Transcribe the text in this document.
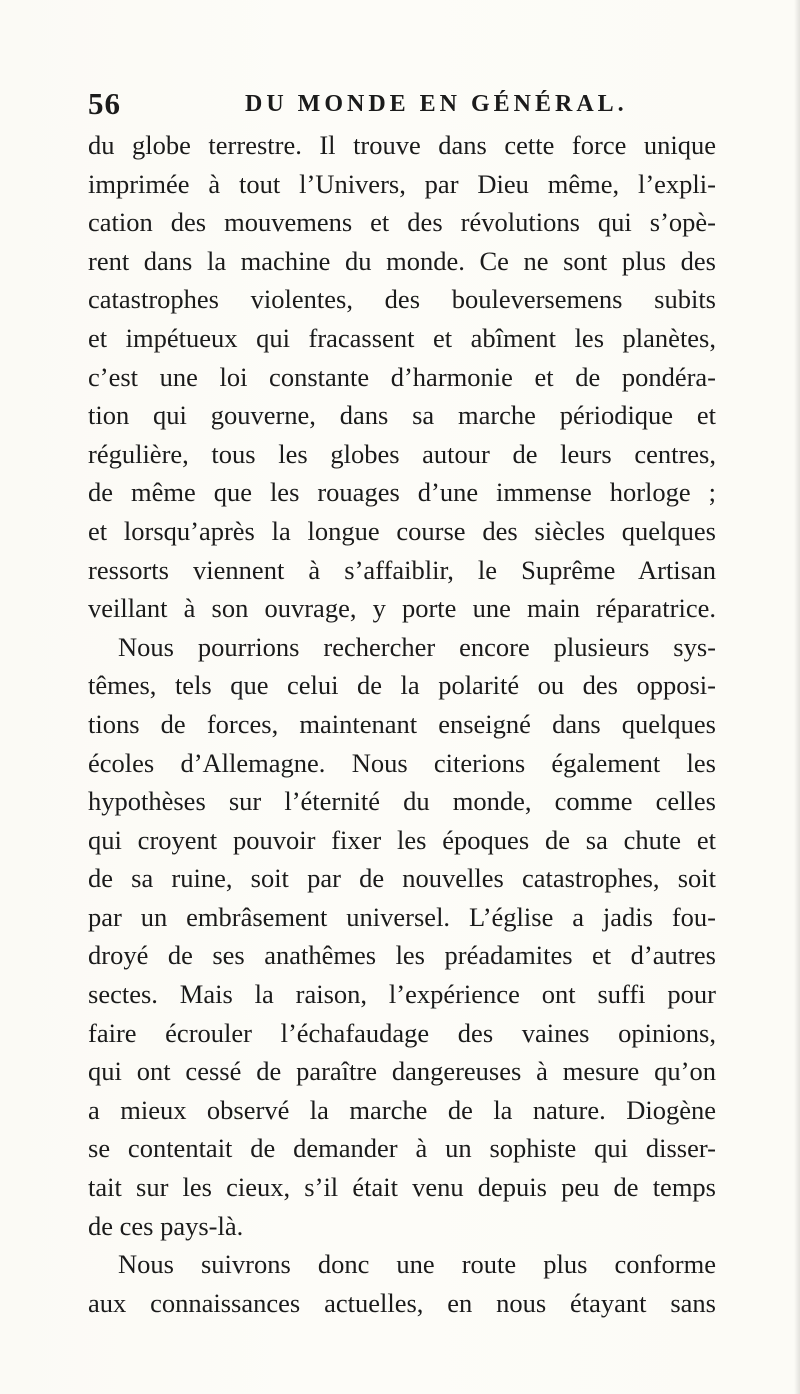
56	DU MONDE EN GÉNÉRAL.
du globe terrestre. Il trouve dans cette force unique
imprimée à tout l’Univers, par Dieu même, l’expli-
cation des mouvemens et des révolutions qui s’opè-
rent dans la machine du monde. Ce ne sont plus des
catastrophes violentes, des bouleversemens subits
et impétueux qui fracassent et abîment les planètes,
c’est une loi constante d’harmonie et de pondéra-
tion qui gouverne, dans sa marche périodique et
régulière, tous les globes autour de leurs centres,
de même que les rouages d’une immense horloge ;
et lorsqu’après la longue course des siècles quelques
ressorts viennent à s’affaiblir, le Suprême Artisan
veillant à son ouvrage, y porte une main réparatrice.
Nous pourrions rechercher encore plusieurs sys-
têmes, tels que celui de la polarité ou des opposi-
tions de forces, maintenant enseigné dans quelques
écoles d’Allemagne. Nous citerions également les
hypothèses sur l’éternité du monde, comme celles
qui croyent pouvoir fixer les époques de sa chute et
de sa ruine, soit par de nouvelles catastrophes, soit
par un embrâsement universel. L’église a jadis fou-
droyé de ses anathêmes les préadamites et d’autres
sectes. Mais la raison, l’expérience ont suffi pour
faire écrouler l’échafaudage des vaines opinions,
qui ont cessé de paraître dangereuses à mesure qu’on
a mieux observé la marche de la nature. Diogène
se contentait de demander à un sophiste qui disser-
tait sur les cieux, s’il était venu depuis peu de temps
de ces pays-là.
Nous suivrons donc une route plus conforme
aux connaissances actuelles, en nous étayant sans
